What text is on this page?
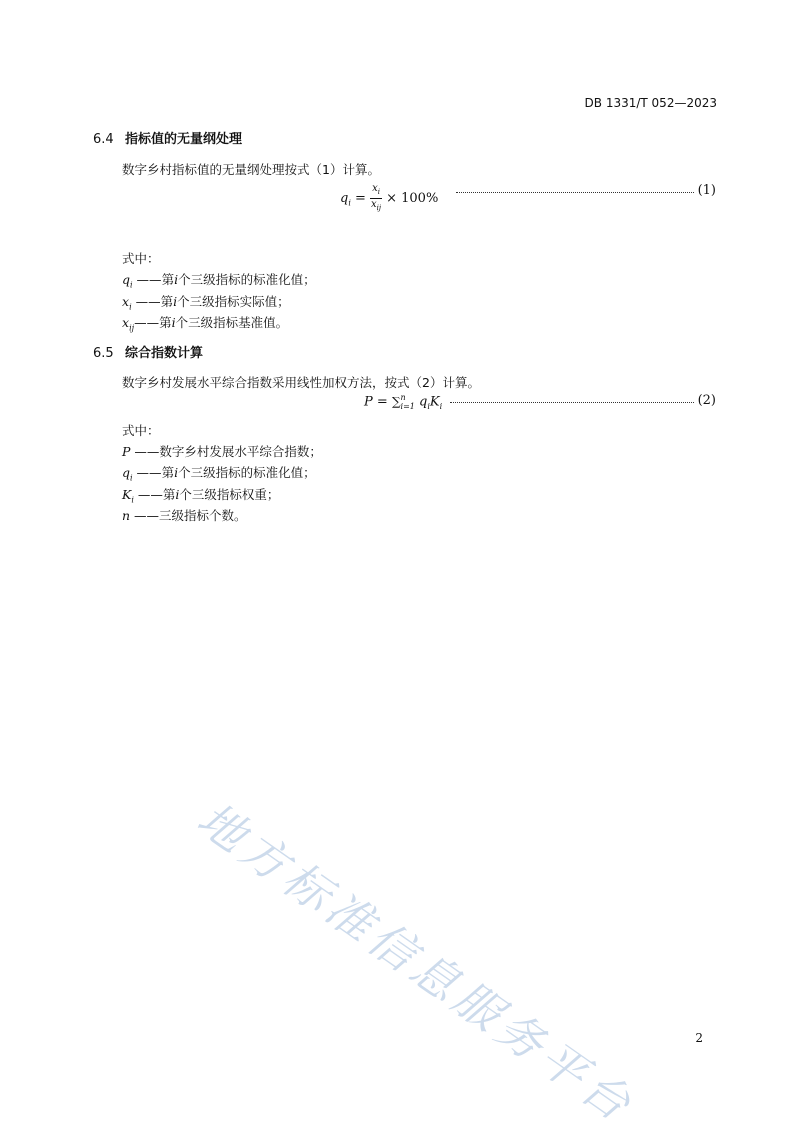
DB 1331/T 052—2023
6.4 指标值的无量纲处理
数字乡村指标值的无量纲处理按式（1）计算。
$q_i = \frac{x_i}{x_{ij}} \times 100\%$
(1)
式中：
$q_i$ ——第i个三级指标的标准化值；
$x_i$ ——第i个三级指标实际值；
$x_{ij}——$第i个三级指标基准值。
6.5 综合指数计算
数字乡村发展水平综合指数采用线性加权方法，按式（2）计算。
P = ∑ n
i=1 $q_iK_i$	(2)
式中：
P ——数字乡村发展水平综合指数；
$q_i$ ——第i个三级指标的标准化值；
$K_i$ ——第i个三级指标权重；
n ——三级指标个数。
地方标准信息服务平台	2
